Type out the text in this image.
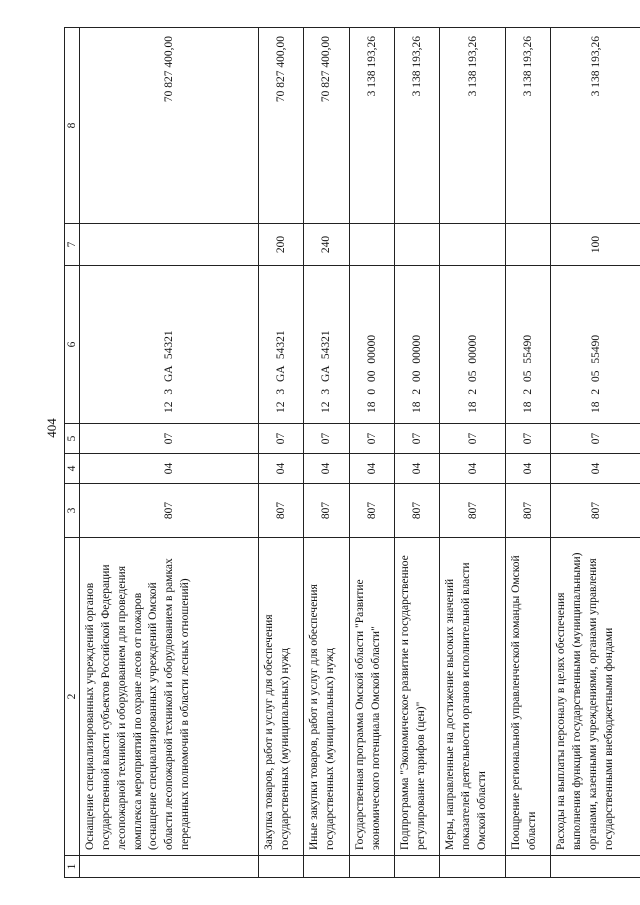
404
1	2	3	4	5	6	7	8
	Оснащение специализированных учреждений органов государственной власти субъектов Российской Федерации лесопожарной техникой и оборудованием для проведения комплекса мероприятий по охране лесов от пожаров (оснащение специализированных учреждений Омской области лесопожарной техникой и оборудованием в рамках переданных полномочий в области лесных отношений)	807	04	07	12 3 GA 54321		70 827 400,00
	Закупка товаров, работ и услуг для обеспечения государственных (муниципальных) нужд	807	04	07	12 3 GA 54321	200	70 827 400,00
	Иные закупки товаров, работ и услуг для обеспечения государственных (муниципальных) нужд	807	04	07	12 3 GA 54321	240	70 827 400,00
	Государственная программа Омской области "Развитие экономического потенциала Омской области"	807	04	07	18 0 00 00000		3 138 193,26
	Подпрограмма "Экономическое развитие и государственное регулирование тарифов (цен)"	807	04	07	18 2 00 00000		3 138 193,26
	Меры, направленные на достижение высоких значений показателей деятельности органов исполнительной власти Омской области	807	04	07	18 2 05 00000		3 138 193,26
	Поощрение региональной управленческой команды Омской области	807	04	07	18 2 05 55490		3 138 193,26
	Расходы на выплаты персоналу в целях обеспечения выполнения функций государственными (муниципальными) органами, казенными учреждениями, органами управления государственными внебюджетными фондами	807	04	07	18 2 05 55490	100	3 138 193,26
